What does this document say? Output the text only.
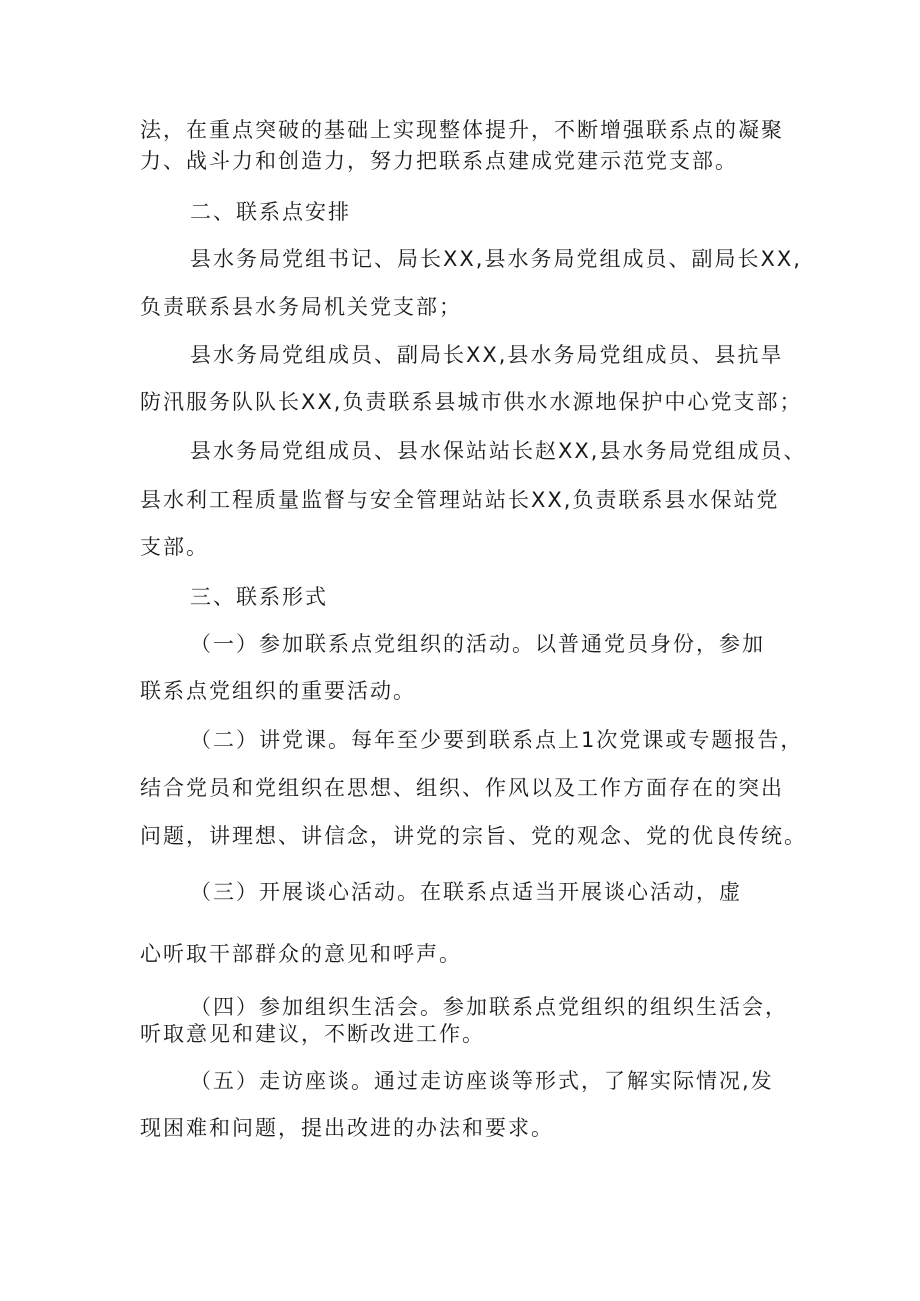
法，在重点突破的基础上实现整体提升，不断增强联系点的凝聚
力、战斗力和创造力，努力把联系点建成党建示范党支部。
二、联系点安排
县水务局党组书记、局长XX,县水务局党组成员、副局长XX,
负责联系县水务局机关党支部；
县水务局党组成员、副局长XX,县水务局党组成员、县抗旱
防汛服务队队长XX,负责联系县城市供水水源地保护中心党支部；
县水务局党组成员、县水保站站长赵XX,县水务局党组成员、
县水利工程质量监督与安全管理站站长XX,负责联系县水保站党
支部。
三、联系形式
（一）参加联系点党组织的活动。以普通党员身份，参加
联系点党组织的重要活动。
（二）讲党课。每年至少要到联系点上1次党课或专题报告，
结合党员和党组织在思想、组织、作风以及工作方面存在的突出
问题，讲理想、讲信念，讲党的宗旨、党的观念、党的优良传统。
（三）开展谈心活动。在联系点适当开展谈心活动，虚
心听取干部群众的意见和呼声。
（四）参加组织生活会。参加联系点党组织的组织生活会，
听取意见和建议，不断改进工作。
（五）走访座谈。通过走访座谈等形式，了解实际情况,发
现困难和问题，提出改进的办法和要求。
